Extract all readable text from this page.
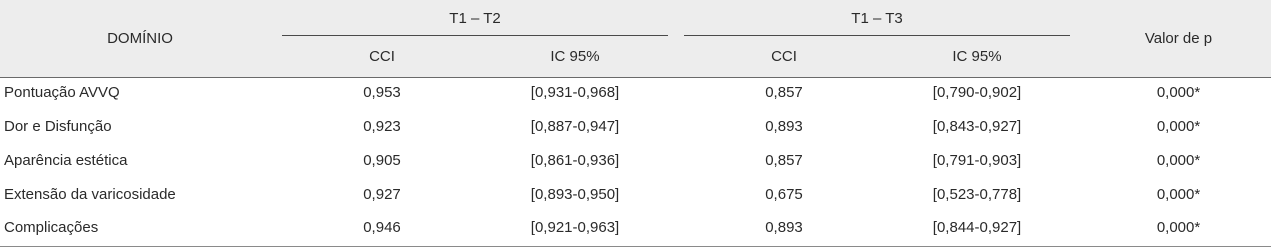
DOMÍNIO
T1 – T2	T1 – T3
Valor de p
CCI	IC 95%	CCI	IC 95%
Pontuação AVVQ	0,953	[0,931-0,968]	0,857	[0,790-0,902]	0,000*
Dor e Disfunção	0,923	[0,887-0,947]	0,893	[0,843-0,927]	0,000*
Aparência estética	0,905	[0,861-0,936]	0,857	[0,791-0,903]	0,000*
Extensão da varicosidade	0,927	[0,893-0,950]	0,675	[0,523-0,778]	0,000*
Complicações	0,946	[0,921-0,963]	0,893	[0,844-0,927]	0,000*
